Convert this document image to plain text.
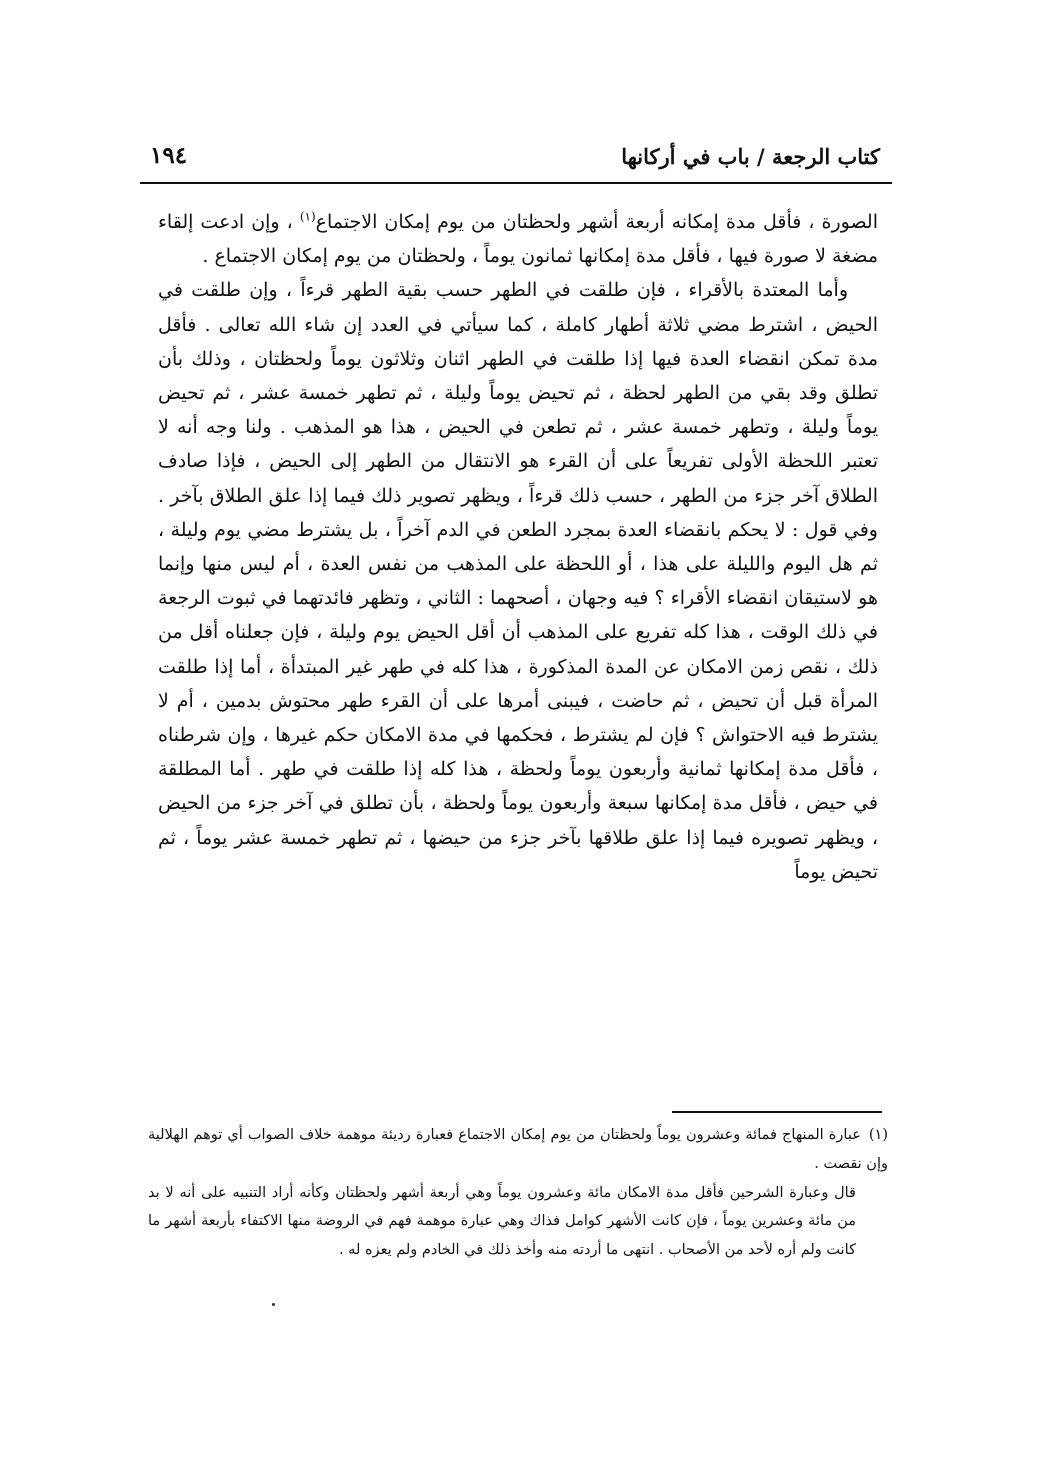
كتاب الرجعة / باب في أركانها
١٩٤

الصورة ، فأقل مدة إمكانه أربعة أشهر ولحظتان من يوم إمكان الاجتماع$^{(١)}$ ، وإن ادعت إلقاء مضغة لا صورة فيها ، فأقل مدة إمكانها ثمانون يوماً ، ولحظتان من يوم إمكان الاجتماع .

وأما المعتدة بالأقراء ، فإن طلقت في الطهر حسب بقية الطهر قرءاً ، وإن طلقت في الحيض ، اشترط مضي ثلاثة أطهار كاملة ، كما سيأتي في العدد إن شاء الله تعالى . فأقل مدة تمكن انقضاء العدة فيها إذا طلقت في الطهر اثنان وثلاثون يوماً ولحظتان ، وذلك بأن تطلق وقد بقي من الطهر لحظة ، ثم تحيض يوماً وليلة ، ثم تطهر خمسة عشر ، ثم تحيض يوماً وليلة ، وتطهر خمسة عشر ، ثم تطعن في الحيض ، هذا هو المذهب . ولنا وجه أنه لا تعتبر اللحظة الأولى تفريعاً على أن القرء هو الانتقال من الطهر إلى الحيض ، فإذا صادف الطلاق آخر جزء من الطهر ، حسب ذلك قرءاً ، ويظهر تصوير ذلك فيما إذا علق الطلاق بآخر . وفي قول : لا يحكم بانقضاء العدة بمجرد الطعن في الدم آخراً ، بل يشترط مضي يوم وليلة ، ثم هل اليوم والليلة على هذا ، أو اللحظة على المذهب من نفس العدة ، أم ليس منها وإنما هو لاستيقان انقضاء الأقراء ؟ فيه وجهان ، أصحهما : الثاني ، وتظهر فائدتهما في ثبوت الرجعة في ذلك الوقت ، هذا كله تفريع على المذهب أن أقل الحيض يوم وليلة ، فإن جعلناه أقل من ذلك ، نقص زمن الامكان عن المدة المذكورة ، هذا كله في طهر غير المبتدأة ، أما إذا طلقت المرأة قبل أن تحيض ، ثم حاضت ، فيبنى أمرها على أن القرء طهر محتوش بدمين ، أم لا يشترط فيه الاحتواش ؟ فإن لم يشترط ، فحكمها في مدة الامكان حكم غيرها ، وإن شرطناه ، فأقل مدة إمكانها ثمانية وأربعون يوماً ولحظة ، هذا كله إذا طلقت في طهر . أما المطلقة في حيض ، فأقل مدة إمكانها سبعة وأربعون يوماً ولحظة ، بأن تطلق في آخر جزء من الحيض ، ويظهر تصويره فيما إذا علق طلاقها بآخر جزء من حيضها ، ثم تطهر خمسة عشر يوماً ، ثم تحيض يوماً

(١)عبارة المنهاج فمائة وعشرون يوماً ولحظتان من يوم إمكان الاجتماع فعبارة رديئة موهمة خلاف الصواب أي توهم الهلالية وإن نقصت .

قال وعبارة الشرحين فأقل مدة الامكان مائة وعشرون يوماً وهي أربعة أشهر ولحظتان وكأنه أراد التنبيه على أنه لا بد من مائة وعشرين يوماً ، فإن كانت الأشهر كوامل فذاك وهي عبارة موهمة فهم في الروضة منها الاكتفاء بأربعة أشهر ما كانت ولم أره لأحد من الأصحاب . انتهى ما أردته منه وأخذ ذلك في الخادم ولم يعزه له .
